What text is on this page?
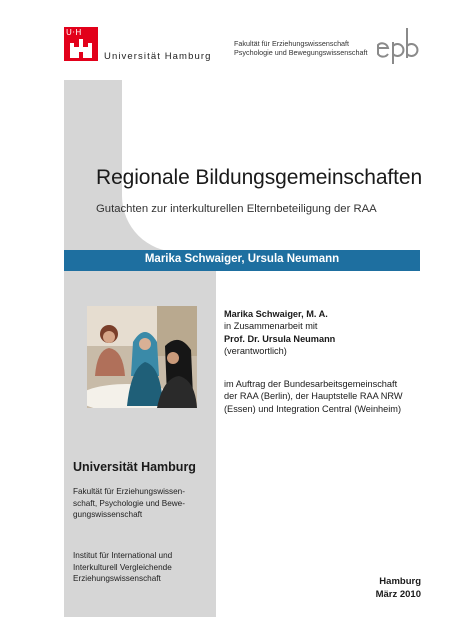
U·H
Universität Hamburg
Fakultät für Erziehungswissenschaft
Psychologie und Bewegungswissenschaft
Regionale Bildungsgemeinschaften
Gutachten zur interkulturellen Elternbeteiligung der RAA
Marika Schwaiger, Ursula Neumann
Marika Schwaiger, M. A.
in Zusammenarbeit mit
Prof. Dr. Ursula Neumann
(verantwortlich)
im Auftrag der Bundesarbeitsgemeinschaft
der RAA (Berlin), der Hauptstelle RAA NRW
(Essen) und Integration Central (Weinheim)
Universität Hamburg
Fakultät für Erziehungswissen-
schaft, Psychologie und Bewe-
gungswissenschaft
Institut für International und
Interkulturell Vergleichende
Erziehungswissenschaft	Hamburg
März 2010
